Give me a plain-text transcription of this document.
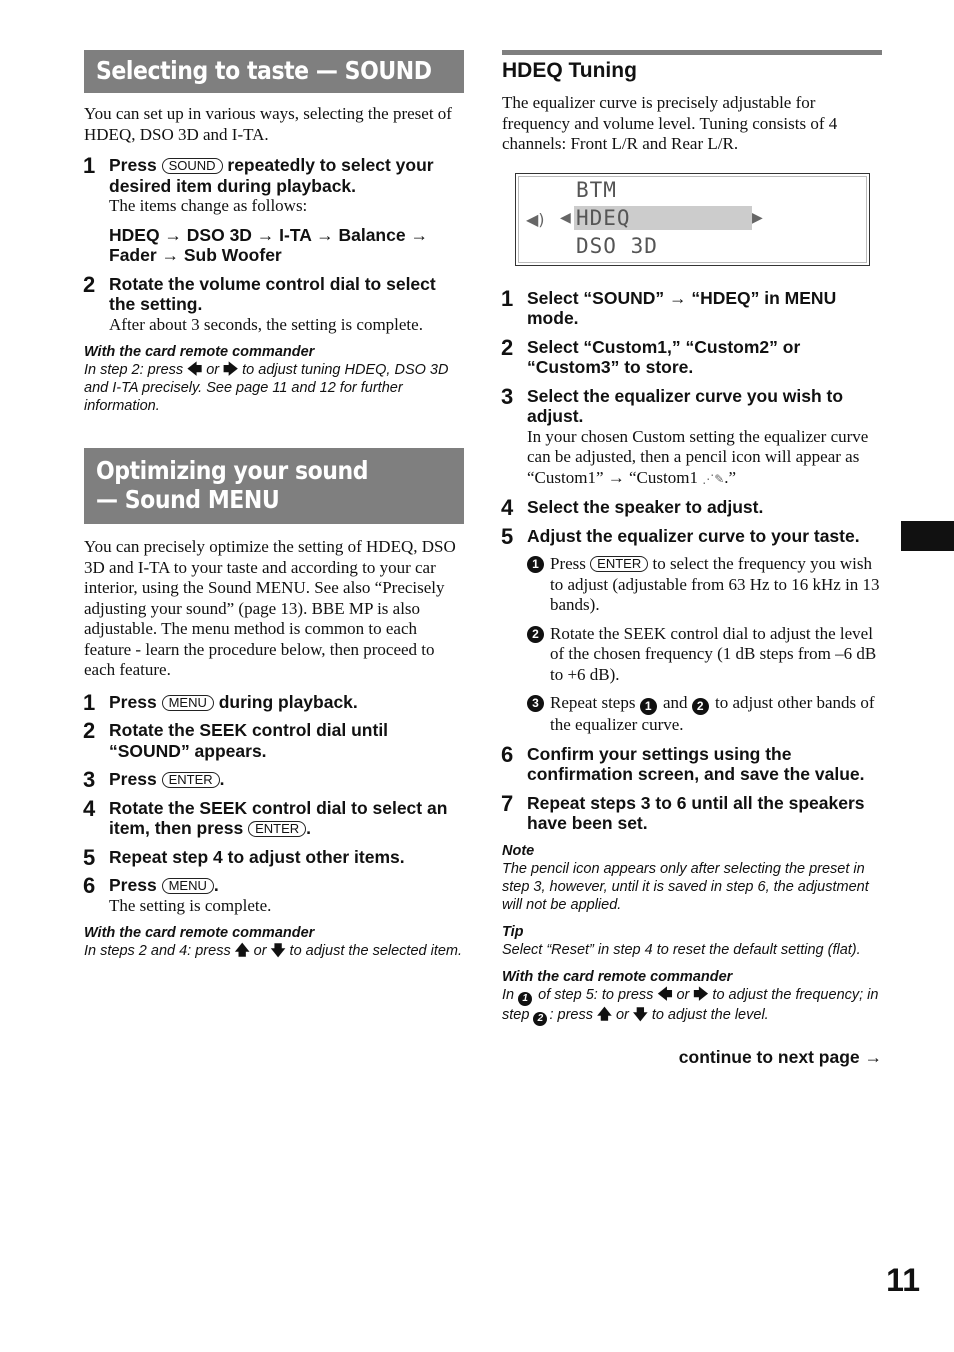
Selecting to taste — SOUND
You can set up in various ways, selecting the preset of HDEQ, DSO 3D and I-TA.
1 Press SOUND repeatedly to select your desired item during playback.
The items change as follows:
HDEQ → DSO 3D → I-TA → Balance → Fader → Sub Woofer
2 Rotate the volume control dial to select the setting.
After about 3 seconds, the setting is complete.
With the card remote commander
In step 2: press 🡄 or 🡆 to adjust tuning HDEQ, DSO 3D and I-TA precisely. See page 11 and 12 for further information.
Optimizing your sound
— Sound MENU
You can precisely optimize the setting of HDEQ, DSO 3D and I-TA to your taste and according to your car interior, using the Sound MENU. See also “Precisely adjusting your sound” (page 13). BBE MP is also adjustable. The menu method is common to each feature - learn the procedure below, then proceed to each feature.
1 Press MENU during playback.
2 Rotate the SEEK control dial until “SOUND” appears.
3 Press ENTER .
4 Rotate the SEEK control dial to select an item, then press ENTER .
5 Repeat step 4 to adjust other items.
6 Press MENU .
The setting is complete.
With the card remote commander
In steps 2 and 4: press 🡅 or 🡇 to adjust the selected item.
HDEQ Tuning
The equalizer curve is precisely adjustable for frequency and volume level. Tuning consists of 4 channels: Front L/R and Rear L/R.
BTM
◀) ◀ HDEQ	▶
DSO 3D
1 Select “SOUND” → “HDEQ” in MENU mode.
2 Select “Custom1,” “Custom2” or “Custom3” to store.
3 Select the equalizer curve you wish to adjust.
In your chosen Custom setting the equalizer curve can be adjusted, then a pencil icon will appear as “Custom1” → “Custom1 ⋰✎.”
4 Select the speaker to adjust.
5 Adjust the equalizer curve to your taste.
1 Press ENTER to select the frequency you wish to adjust (adjustable from 63 Hz to 16 kHz in 13 bands).
2 Rotate the SEEK control dial to adjust the level of the chosen frequency (1 dB steps from –6 dB to +6 dB).
3 Repeat steps 1 and 2 to adjust other bands of the equalizer curve.
6 Confirm your settings using the confirmation screen, and save the value.
7 Repeat steps 3 to 6 until all the speakers have been set.
Note
The pencil icon appears only after selecting the preset in step 3, however, until it is saved in step 6, the adjustment will not be applied.
Tip
Select “Reset” in step 4 to reset the default setting (flat).
With the card remote commander
In 1 of step 5: to press 🡄 or 🡆 to adjust the frequency; in step 2 : press 🡅 or 🡇 to adjust the level.
continue to next page →
11
